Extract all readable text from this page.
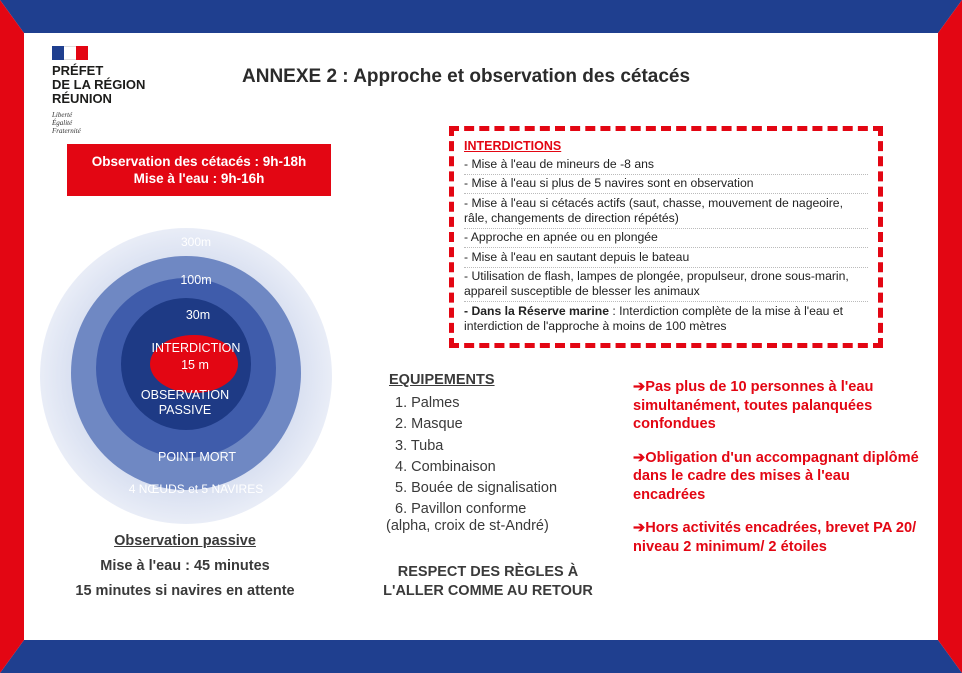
PRÉFET
DE LA RÉGION
RÉUNION
Liberté
Égalité
Fraternité
ANNEXE 2 : Approche et observation des cétacés
Observation des cétacés : 9h-18h
Mise à l'eau : 9h-16h
INTERDICTIONS
- Mise à l'eau de mineurs de -8 ans
- Mise à l'eau si plus de 5 navires sont en observation
- Mise à l'eau si cétacés actifs (saut, chasse, mouvement de nageoire, râle, changements de direction répétés)
- Approche en apnée ou en plongée
- Mise à l'eau en sautant depuis le bateau
- Utilisation de flash, lampes de plongée, propulseur, drone sous-marin, appareil susceptible de blesser les animaux
- Dans la Réserve marine : Interdiction complète de la mise à l'eau et interdiction de l'approche à moins de 100 mètres
300m
100m
30m
INTERDICTION
15 m
OBSERVATION
PASSIVE
POINT MORT
4 NŒUDS et 5 NAVIRES
Observation passive
Mise à l'eau : 45 minutes
15 minutes si navires en attente
EQUIPEMENTS
1. Palmes
2. Masque
3. Tuba
4. Combinaison
5. Bouée de signalisation
6. Pavillon conforme
(alpha, croix de st-André)
RESPECT DES RÈGLES À
L'ALLER COMME AU RETOUR
➔Pas plus de 10 personnes à l'eau simultanément, toutes palanquées confondues
➔Obligation d'un accompagnant diplômé dans le cadre des mises à l'eau encadrées
➔Hors activités encadrées, brevet PA 20/ niveau 2 minimum/ 2 étoiles
